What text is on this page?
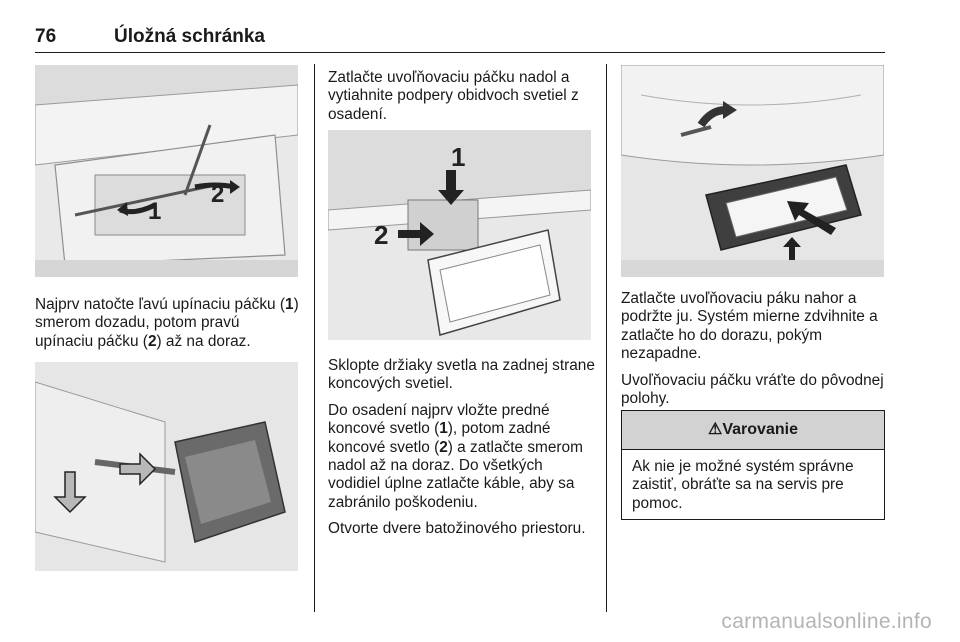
76	Úložná schránka
1
2

Najprv natočte ľavú upínaciu páčku (1) smerom dozadu, potom pravú upínaciu páčku (2) až na doraz.

Zatlačte uvoľňovaciu páčku nadol a vytiahnite podpery obidvoch svetiel z osadení.

1
2

Sklopte držiaky svetla na zadnej strane koncových svetiel.

Do osadení najprv vložte predné koncové svetlo (1), potom zadné koncové svetlo (2) a zatlačte smerom nadol až na doraz. Do všetkých vodidiel úplne zatlačte káble, aby sa zabránilo poškodeniu.

Otvorte dvere batožinového priestoru.

Zatlačte uvoľňovaciu páku nahor a podržte ju. Systém mierne zdvihnite a zatlačte ho do dorazu, pokým nezapadne.

Uvoľňovaciu páčku vráťte do pôvodnej polohy.

⚠Varovanie
Ak nie je možné systém správne zaistiť, obráťte sa na servis pre pomoc.
carmanualsonline.info
